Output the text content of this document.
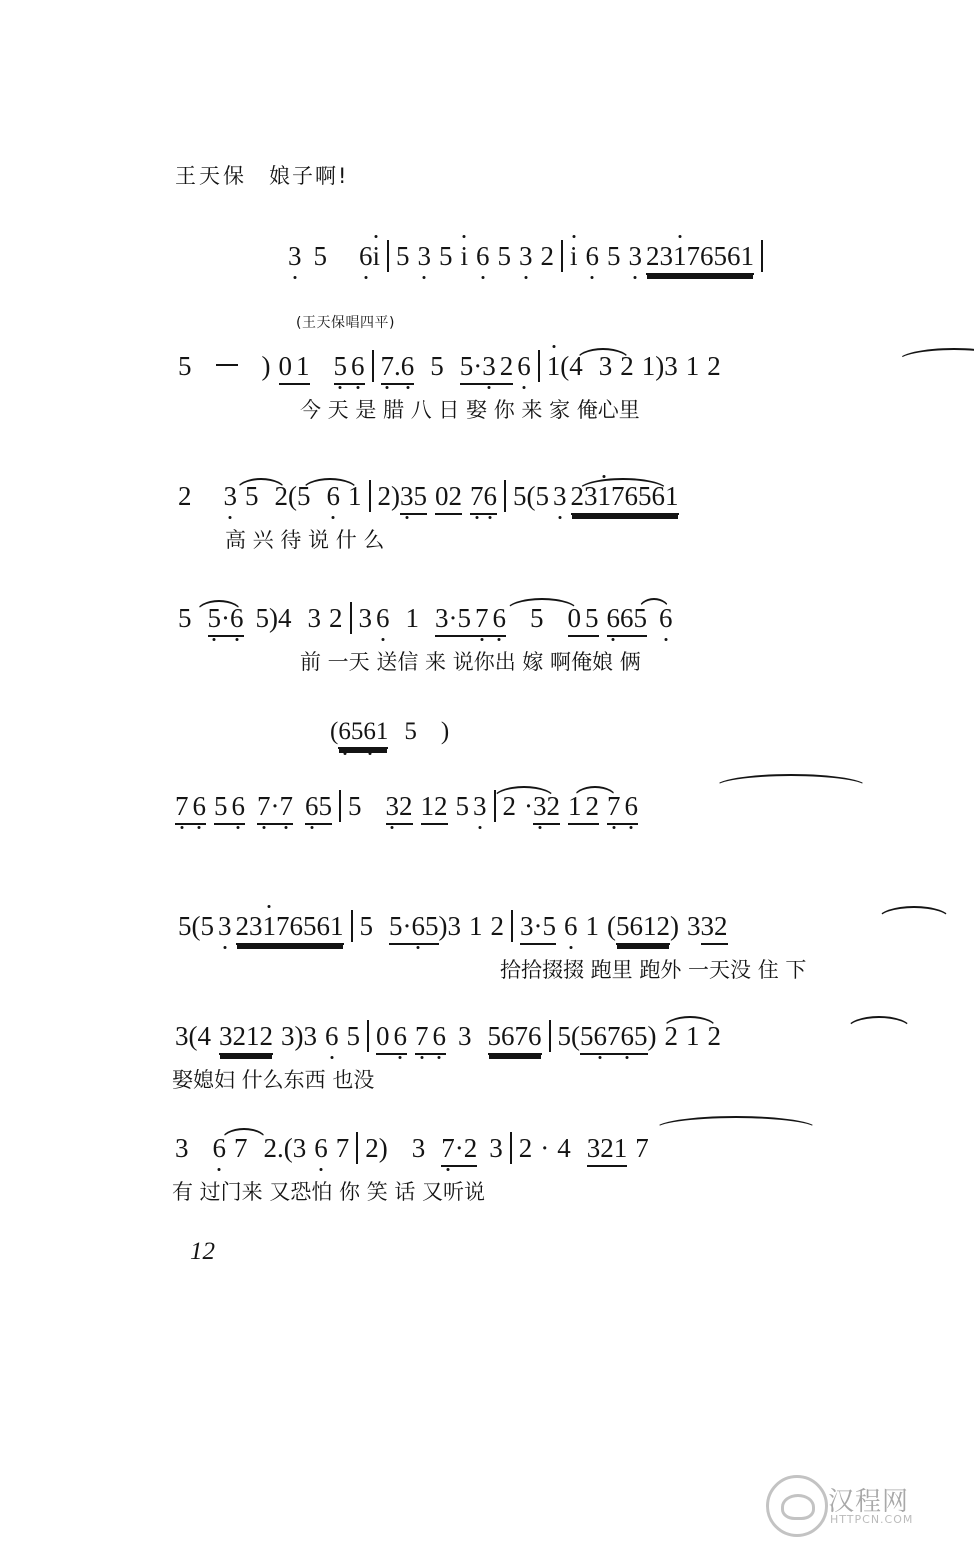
王天保 娘子啊!
3 5 6i 5 3 5 i 6 5 3 2 i 6 5 3 23176561
(王天保唱四平)
5	) 0 1 5 6 7.6 5 5·3 2 6 1(4 3 2 1)3 1 2
今 天 是 腊 八 日 娶 你 来 家 俺心里
2 3 5 2(5 6 1 2)35 02 76 5(5 3 23176561
高 兴 待 说 什 么
5 5·6 5)4 3 2 3 6 1 3·5 7 6 5 0 5 665 6
前 一天 送信 来 说你出 嫁 啊俺娘 俩
(6561 5 )
7 6 5 6 7·7 65 5 32 12 5 3 2 ·32 1 2 7 6
5(5 3 23176561 5 5·65)3 1 2 3·5 6 1 (5612) 332
拾拾掇掇 跑里 跑外 一天没 住 下
3(4 3212 3)3 6 5 0 6 7 6 3 5676 5(56765) 2 1 2
娶媳妇 什么东西 也没
3 6 7 2.(3 6 7 2) 3 7·2 3 2 · 4 321 7
有 过门来 又恐怕 你 笑 话 又听说
12
汉程网
HTTPCN.COM
